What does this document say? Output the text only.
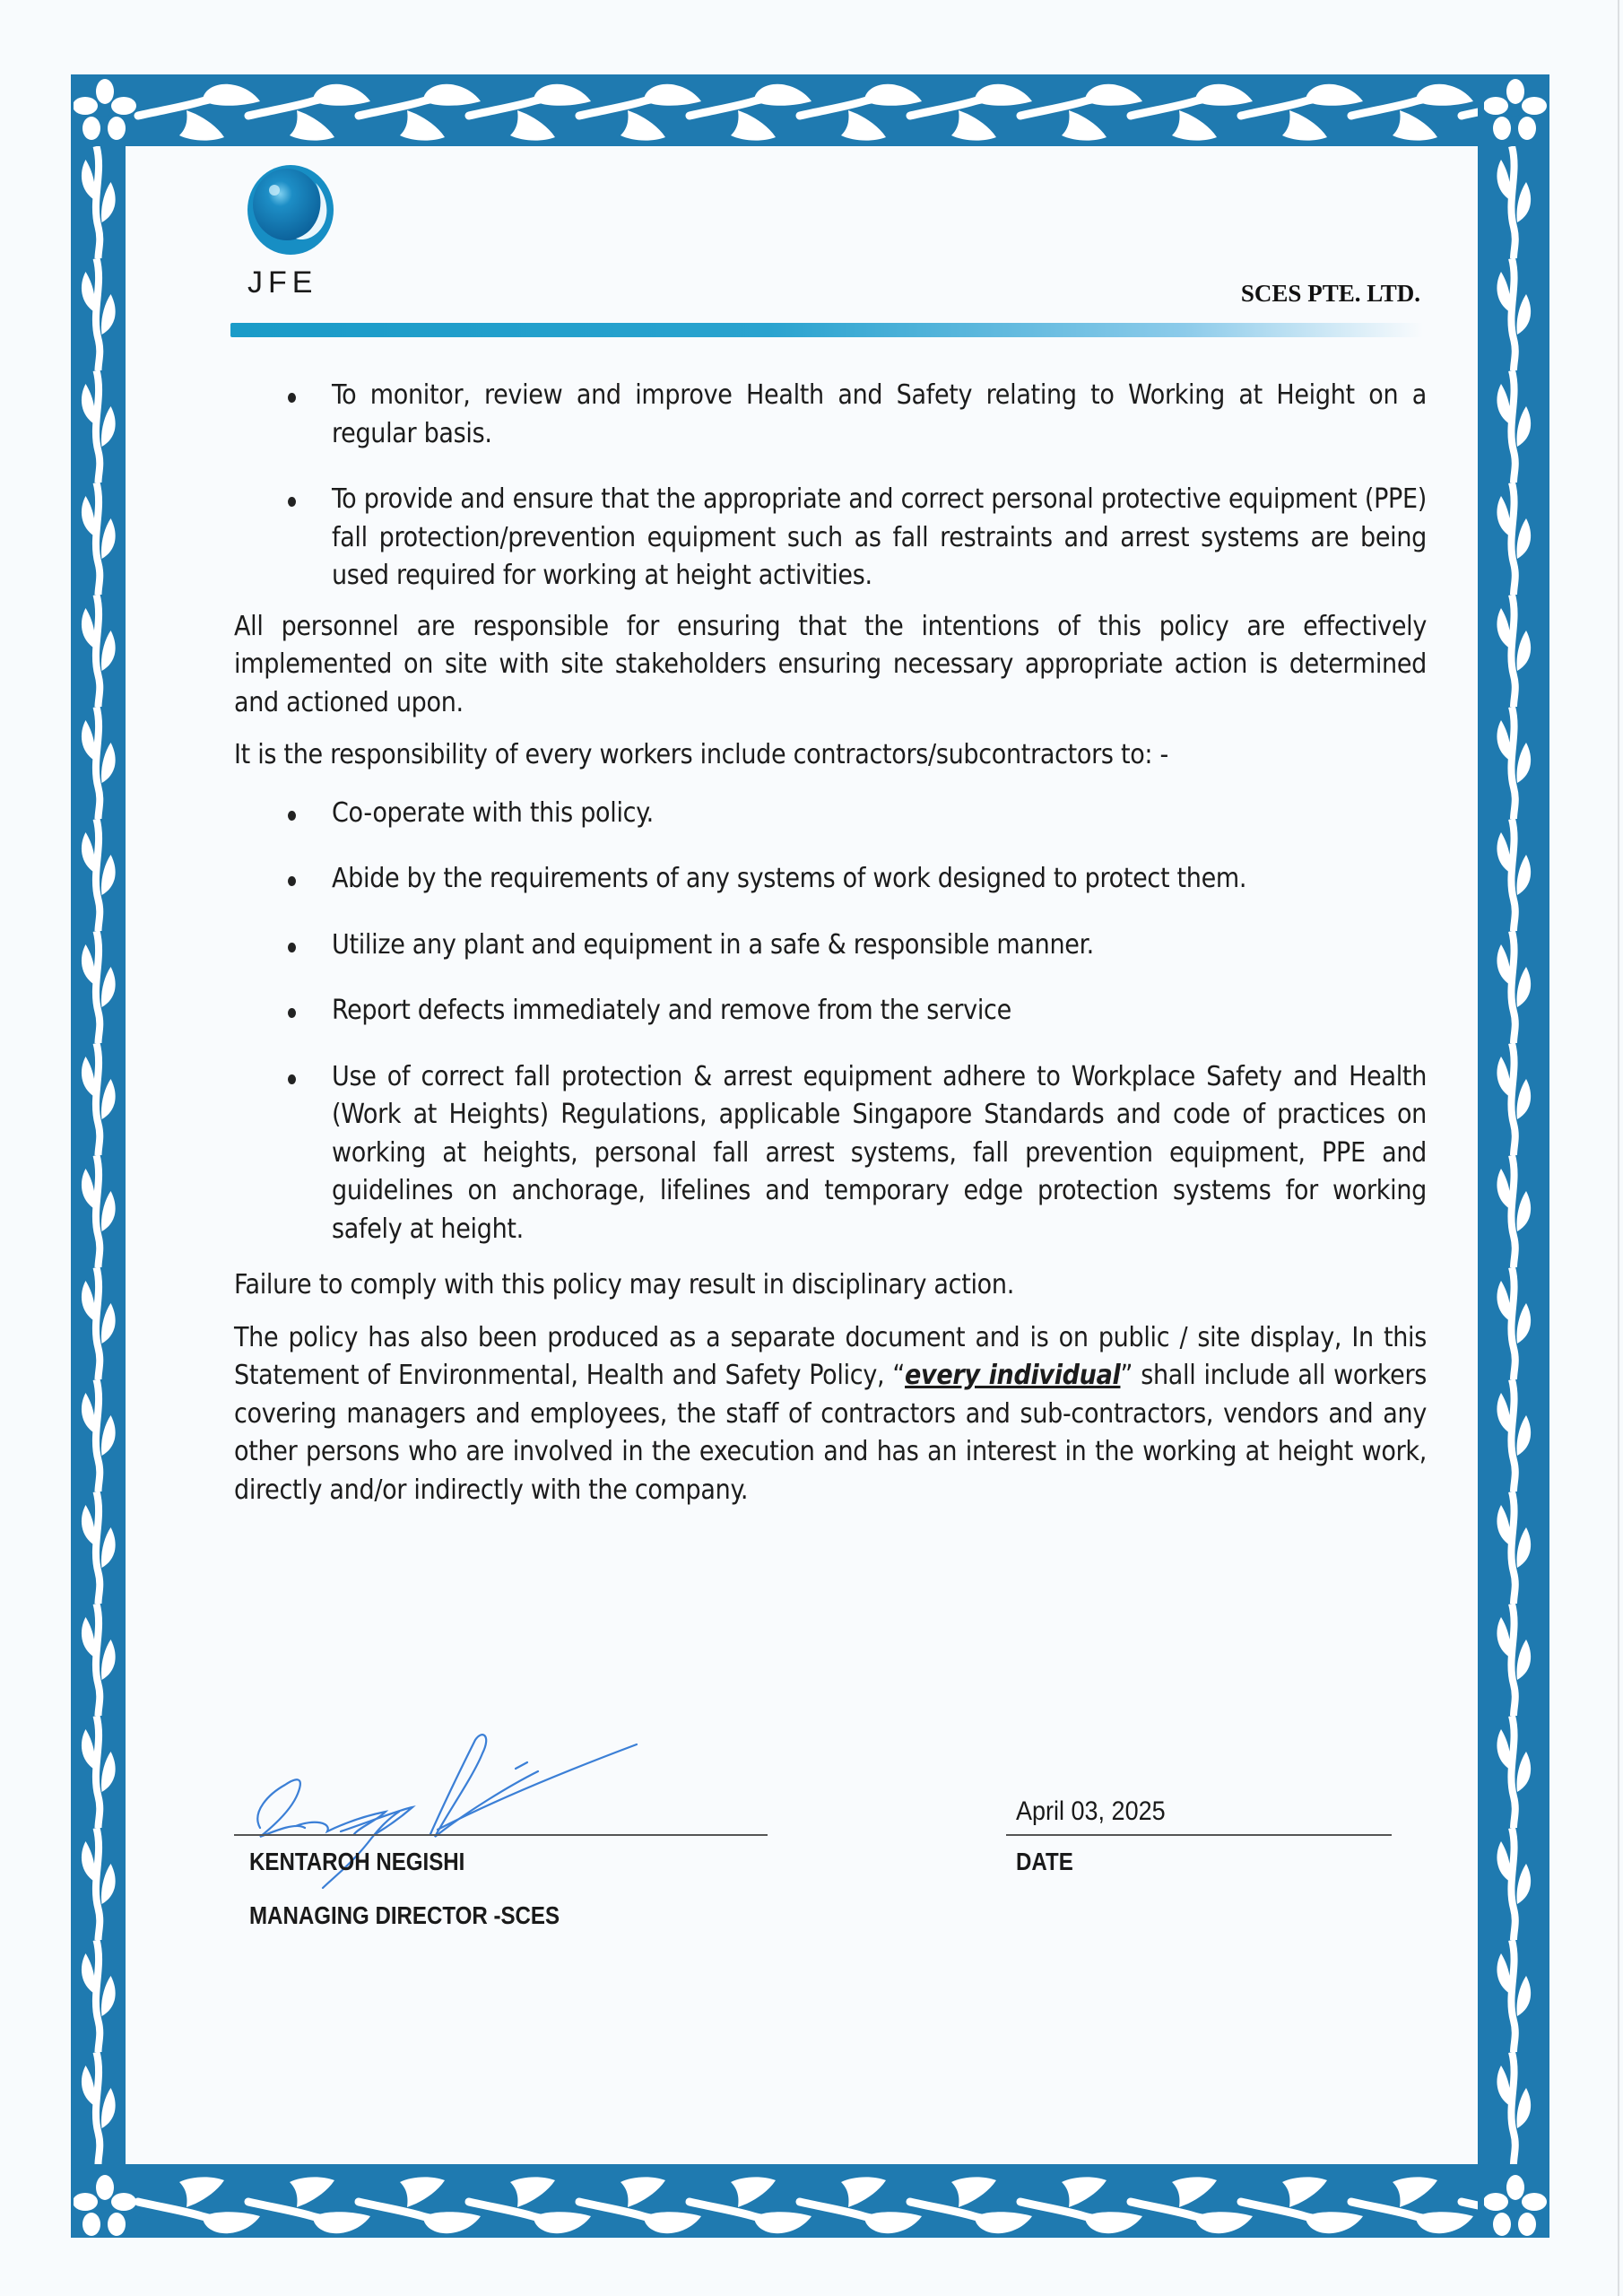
JFE	SCES PTE. LTD.
To monitor, review and improve Health and Safety relating to Working at Height on a regular basis.
To provide and ensure that the appropriate and correct personal protective equipment (PPE) fall protection/prevention equipment such as fall restraints and arrest systems are being used required for working at height activities.

All personnel are responsible for ensuring that the intentions of this policy are effectively implemented on site with site stakeholders ensuring necessary appropriate action is determined and actioned upon.

It is the responsibility of every workers include contractors/subcontractors to: -

Co-operate with this policy.
Abide by the requirements of any systems of work designed to protect them.
Utilize any plant and equipment in a safe & responsible manner.
Report defects immediately and remove from the service
Use of correct fall protection & arrest equipment adhere to Workplace Safety and Health (Work at Heights) Regulations, applicable Singapore Standards and code of practices on working at heights, personal fall arrest systems, fall prevention equipment, PPE and guidelines on anchorage, lifelines and temporary edge protection systems for working safely at height.

Failure to comply with this policy may result in disciplinary action.

The policy has also been produced as a separate document and is on public / site display, In this Statement of Environmental, Health and Safety Policy, “every individual” shall include all workers covering managers and employees, the staff of contractors and sub-contractors, vendors and any other persons who are involved in the execution and has an interest in the working at height work, directly and/or indirectly with the company.

KENTAROH NEGISHI
MANAGING DIRECTOR -SCES
April 03, 2025
DATE
